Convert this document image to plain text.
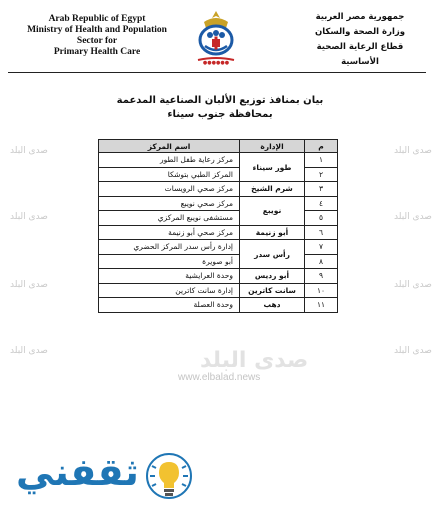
Arab Republic of Egypt
Ministry of Health and Population
Sector for
Primary Health Care
●●●●●●
جمهورية مصر العربية
وزارة الصحة والسكان
قطاع الرعاية الصحية الأساسية
بيان بمنافذ توزيع الألبان الصناعية المدعمة
بمحافظة جنوب سيناء
صدى البلد
صدى البلد
صدى البلد
صدى البلد
صدى البلد
صدى البلد
صدى البلد
صدى البلد	صدى البلد
www.elbalad.news
م	الإدارة	اسم المركز
١	طور سيناء	مركز رعاية طفل الطور
٢		المركز الطبي بتوشكا
٣	شرم الشيخ	مركز صحي الرويسات
٤	نويبع	مركز صحي نويبع
٥		مستشفى نويبع المركزي
٦	أبو زنيمة	مركز صحي أبو زنيمة
٧	رأس سدر	إدارة رأس سدر المركز الحضري
٨		أبو صويرة
٩	أبو رديس	وحدة العرايشية
١٠	سانت كاترين	إدارة سانت كاترين
١١	دهب	وحدة العصلة
ثقفني
